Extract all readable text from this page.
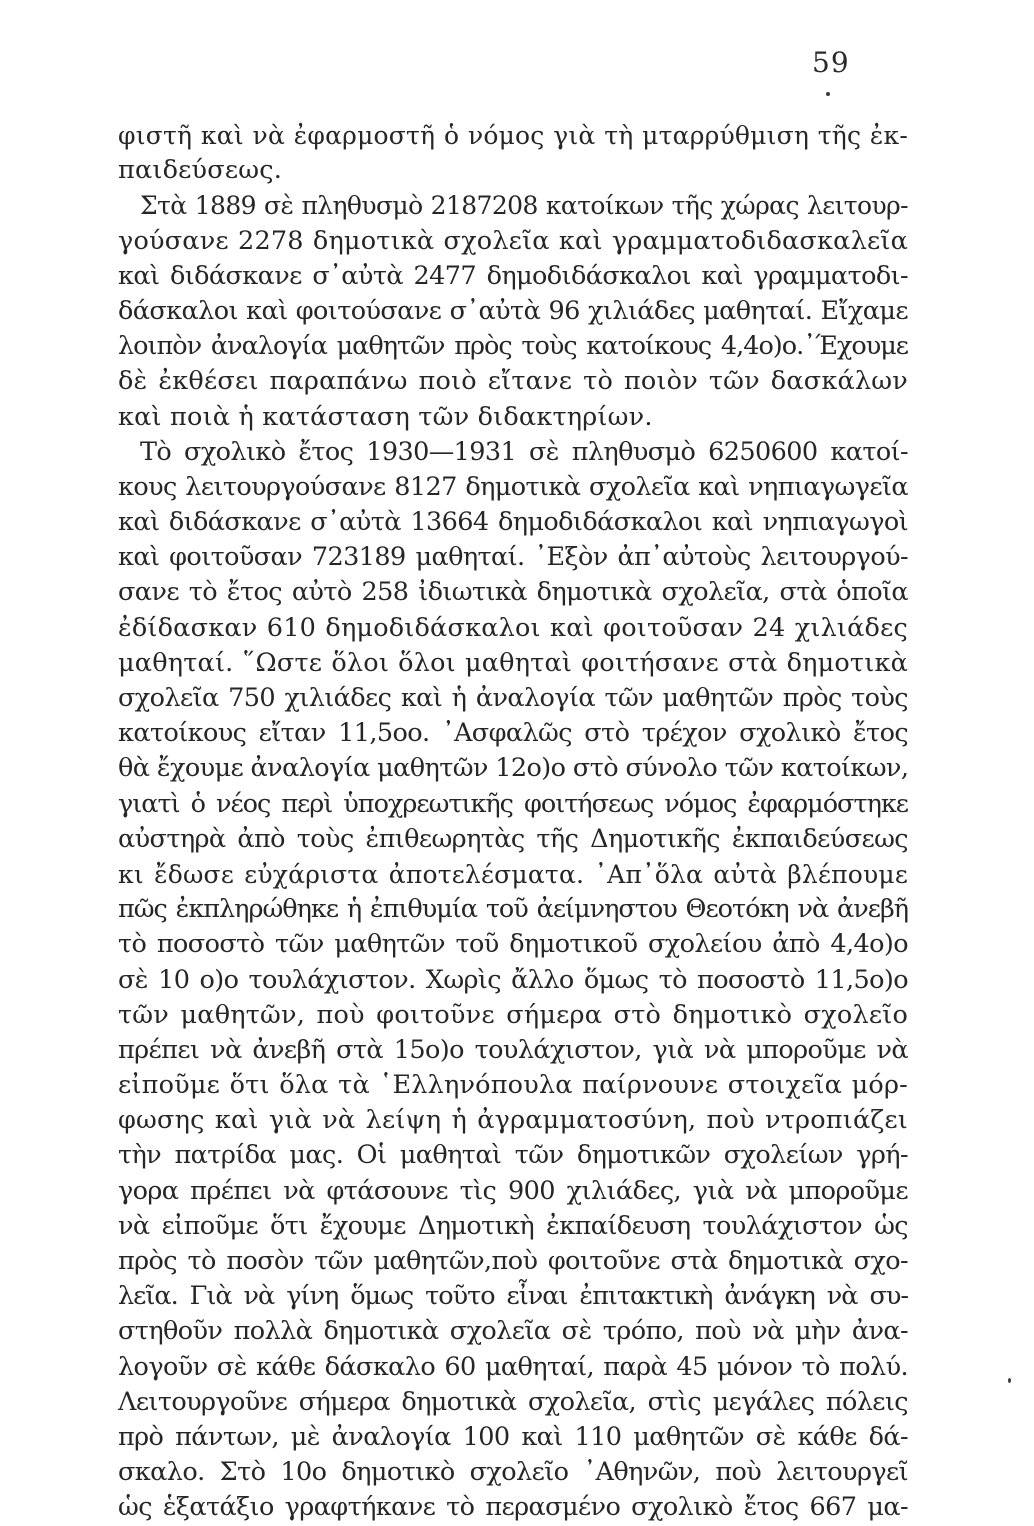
59
φιστῆ καὶ νὰ ἐφαρμοστῆ ὁ νόμος γιὰ τὴ μταρρύθμιση τῆς ἐκ-
παιδεύσεως.
Στὰ 1889 σὲ πληθυσμὸ 2187208 κατοίκων τῆς χώρας λειτουρ-
γούσανε 2278 δημοτικὰ σχολεῖα καὶ γραμματοδιδασκαλεῖα
καὶ διδάσκανε σ᾽αὐτὰ 2477 δημοδιδάσκαλοι καὶ γραμματοδι-
δάσκαλοι καὶ φοιτούσανε σ᾽αὐτὰ 96 χιλιάδες μαθηταί. Εἴχαμε
λοιπὸν ἀναλογία μαθητῶν πρὸς τοὺς κατοίκους 4,4ο)ο.᾽Έχουμε
δὲ ἐκθέσει παραπάνω ποιὸ εἴτανε τὸ ποιὸν τῶν δασκάλων
καὶ ποιὰ ἡ κατάσταση τῶν διδακτηρίων.
Τὸ σχολικὸ ἔτος 1930—1931 σὲ πληθυσμὸ 6250600 κατοί-
κους λειτουργούσανε 8127 δημοτικὰ σχολεῖα καὶ νηπιαγωγεῖα
καὶ διδάσκανε σ᾽αὐτὰ 13664 δημοδιδάσκαλοι καὶ νηπιαγωγοὶ
καὶ φοιτοῦσαν 723189 μαθηταί. ᾽Εξὸν ἀπ᾽αὐτοὺς λειτουργού-
σανε τὸ ἔτος αὐτὸ 258 ἰδιωτικὰ δημοτικὰ σχολεῖα, στὰ ὁποῖα
ἐδίδασκαν 610 δημοδιδάσκαλοι καὶ φοιτοῦσαν 24 χιλιάδες
μαθηταί. ῞Ωστε ὅλοι ὅλοι μαθηταὶ φοιτήσανε στὰ δημοτικὰ
σχολεῖα 750 χιλιάδες καὶ ἡ ἀναλογία τῶν μαθητῶν πρὸς τοὺς
κατοίκους εἴταν 11,5οο. ᾽Ασφαλῶς στὸ τρέχον σχολικὸ ἔτος
θὰ ἔχουμε ἀναλογία μαθητῶν 12ο)ο στὸ σύνολο τῶν κατοίκων,
γιατὶ ὁ νέος περὶ ὑποχρεωτικῆς φοιτήσεως νόμος ἐφαρμόστηκε
αὐστηρὰ ἀπὸ τοὺς ἐπιθεωρητὰς τῆς Δημοτικῆς ἐκπαιδεύσεως
κι ἔδωσε εὐχάριστα ἀποτελέσματα. ᾽Απ᾽ὅλα αὐτὰ βλέπουμε
πῶς ἐκπληρώθηκε ἡ ἐπιθυμία τοῦ ἀείμνηστου Θεοτόκη νὰ ἀνεβῆ
τὸ ποσοστὸ τῶν μαθητῶν τοῦ δημοτικοῦ σχολείου ἀπὸ 4,4ο)ο
σὲ 10 ο)ο τουλάχιστον. Χωρὶς ἄλλο ὅμως τὸ ποσοστὸ 11,5ο)ο
τῶν μαθητῶν, ποὺ φοιτοῦνε σήμερα στὸ δημοτικὸ σχολεῖο
πρέπει νὰ ἀνεβῆ στὰ 15ο)ο τουλάχιστον, γιὰ νὰ μποροῦμε νὰ
εἰποῦμε ὅτι ὅλα τὰ ῾Ελληνόπουλα παίρνουνε στοιχεῖα μόρ-
φωσης καὶ γιὰ νὰ λείψη ἡ ἀγραμματοσύνη, ποὺ ντροπιάζει
τὴν πατρίδα μας. Οἱ μαθηταὶ τῶν δημοτικῶν σχολείων γρή-
γορα πρέπει νὰ φτάσουνε τὶς 900 χιλιάδες, γιὰ νὰ μποροῦμε
νὰ εἰποῦμε ὅτι ἔχουμε Δημοτικὴ ἐκπαίδευση τουλάχιστον ὡς
πρὸς τὸ ποσὸν τῶν μαθητῶν,ποὺ φοιτοῦνε στὰ δημοτικὰ σχο-
λεῖα. Γιὰ νὰ γίνη ὅμως τοῦτο εἶναι ἐπιτακτικὴ ἀνάγκη νὰ συ-
στηθοῦν πολλὰ δημοτικὰ σχολεῖα σὲ τρόπο, ποὺ νὰ μὴν ἀνα-
λογοῦν σὲ κάθε δάσκαλο 60 μαθηταί, παρὰ 45 μόνον τὸ πολύ.
Λειτουργοῦνε σήμερα δημοτικὰ σχολεῖα, στὶς μεγάλες πόλεις
πρὸ πάντων, μὲ ἀναλογία 100 καὶ 110 μαθητῶν σὲ κάθε δά-
σκαλο. Στὸ 10ο δημοτικὸ σχολεῖο ᾽Αθηνῶν, ποὺ λειτουργεῖ
ὡς ἑξατάξιο γραφτήκανε τὸ περασμένο σχολικὸ ἔτος 667 μα-
